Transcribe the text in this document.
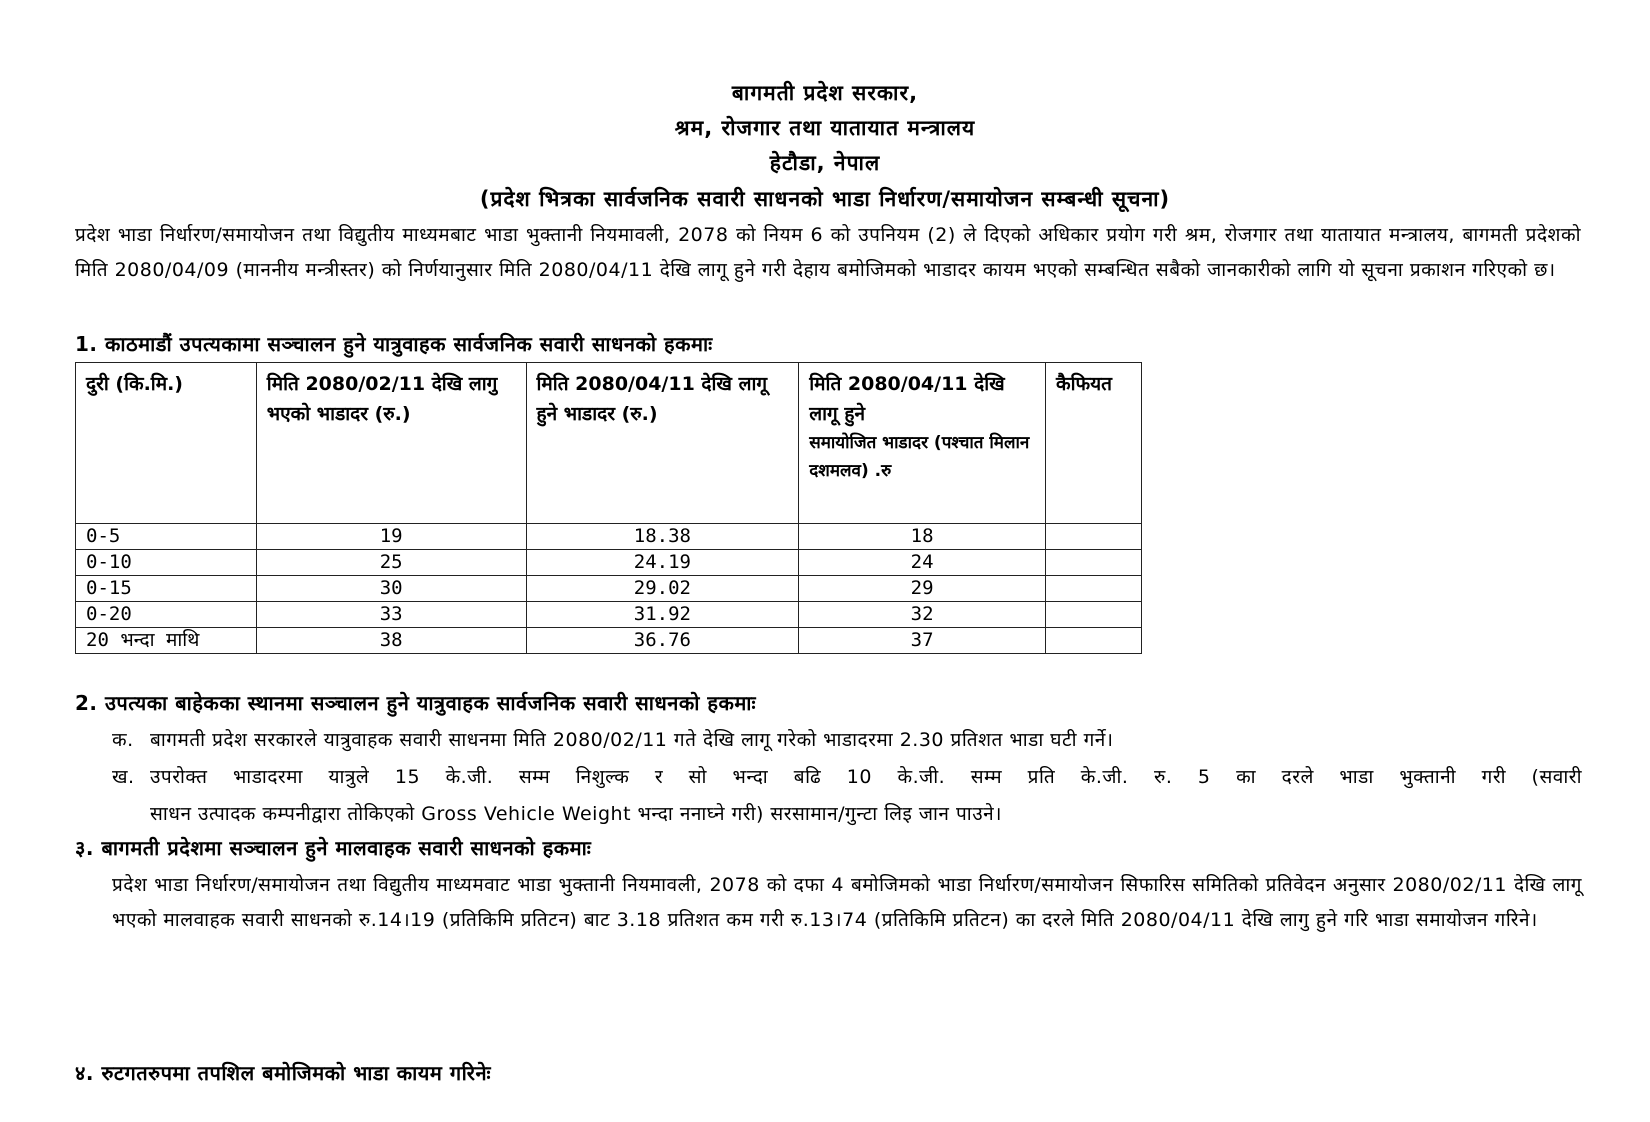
बागमती प्रदेश सरकार,
श्रम, रोजगार तथा यातायात मन्त्रालय
हेटौडा, नेपाल
(प्रदेश भित्रका सार्वजनिक सवारी साधनको भाडा निर्धारण/समायोजन सम्बन्धी सूचना)
प्रदेश भाडा निर्धारण/समायोजन तथा विद्युतीय माध्यमबाट भाडा भुक्तानी नियमावली, 2078 को नियम 6 को उपनियम (2) ले दिएको अधिकार प्रयोग गरी श्रम, रोजगार तथा यातायात मन्त्रालय, बागमती प्रदेशको मिति 2080/04/09 (माननीय मन्त्रीस्तर) को निर्णयानुसार मिति 2080/04/11 देखि लागू हुने गरी देहाय बमोजिमको भाडादर कायम भएको सम्बन्धित सबैको जानकारीको लागि यो सूचना प्रकाशन गरिएको छ।
1. काठमाडौं उपत्यकामा सञ्चालन हुने यात्रुवाहक सार्वजनिक सवारी साधनको हकमाः
दुरी (कि.मि.)	मिति 2080/02/11 देखि लागु भएको भाडादर (रु.)	मिति 2080/04/11 देखि लागू हुने भाडादर (रु.)	मिति 2080/04/11 देखि लागू हुने
समायोजित भाडादर (पश्चात मिलान दशमलव) .रु	कैफियत
0-5	19	18.38	18	
0-10	25	24.19	24	
0-15	30	29.02	29	
0-20	33	31.92	32	
20 भन्दा माथि	38	36.76	37	
2. उपत्यका बाहेकका स्थानमा सञ्चालन हुने यात्रुवाहक सार्वजनिक सवारी साधनको हकमाः
क. बागमती प्रदेश सरकारले यात्रुवाहक सवारी साधनमा मिति 2080/02/11 गते देखि लागू गरेको भाडादरमा 2.30 प्रतिशत भाडा घटी गर्ने।
ख. उपरोक्त भाडादरमा यात्रुले 15 के.जी. सम्म निशुल्क र सो भन्दा बढि 10 के.जी. सम्म प्रति के.जी. रु. 5 का दरले भाडा भुक्तानी गरी (सवारी
साधन उत्पादक कम्पनीद्वारा तोकिएको Gross Vehicle Weight भन्दा ननाघ्ने गरी) सरसामान/गुन्टा लिइ जान पाउने।
३. बागमती प्रदेशमा सञ्चालन हुने मालवाहक सवारी साधनको हकमाः
प्रदेश भाडा निर्धारण/समायोजन तथा विद्युतीय माध्यमवाट भाडा भुक्तानी नियमावली, 2078 को दफा 4 बमोजिमको भाडा निर्धारण/समायोजन सिफारिस समितिको प्रतिवेदन अनुसार 2080/02/11 देखि लागू भएको मालवाहक सवारी साधनको रु.14।19 (प्रतिकिमि प्रतिटन) बाट 3.18 प्रतिशत कम गरी रु.13।74 (प्रतिकिमि प्रतिटन) का दरले मिति 2080/04/11 देखि लागु हुने गरि भाडा समायोजन गरिने।
४. रुटगतरुपमा तपशिल बमोजिमको भाडा कायम गरिनेः
